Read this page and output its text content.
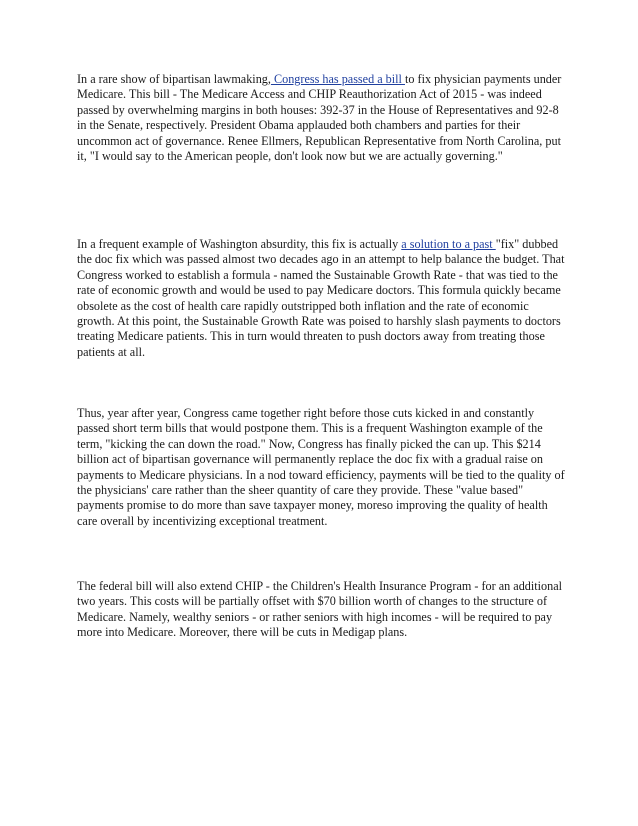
In a rare show of bipartisan lawmaking, Congress has passed a bill to fix physician payments under Medicare. This bill - The Medicare Access and CHIP Reauthorization Act of 2015 - was indeed passed by overwhelming margins in both houses: 392-37 in the House of Representatives and 92-8 in the Senate, respectively. President Obama applauded both chambers and parties for their uncommon act of governance. Renee Ellmers, Republican Representative from North Carolina, put it, "I would say to the American people, don't look now but we are actually governing."

In a frequent example of Washington absurdity, this fix is actually a solution to a past "fix" dubbed the doc fix which was passed almost two decades ago in an attempt to help balance the budget. That Congress worked to establish a formula - named the Sustainable Growth Rate - that was tied to the rate of economic growth and would be used to pay Medicare doctors. This formula quickly became obsolete as the cost of health care rapidly outstripped both inflation and the rate of economic growth. At this point, the Sustainable Growth Rate was poised to harshly slash payments to doctors treating Medicare patients. This in turn would threaten to push doctors away from treating those patients at all.

Thus, year after year, Congress came together right before those cuts kicked in and constantly passed short term bills that would postpone them. This is a frequent Washington example of the term, "kicking the can down the road." Now, Congress has finally picked the can up. This $214 billion act of bipartisan governance will permanently replace the doc fix with a gradual raise on payments to Medicare physicians. In a nod toward efficiency, payments will be tied to the quality of the physicians' care rather than the sheer quantity of care they provide. These "value based" payments promise to do more than save taxpayer money, moreso improving the quality of health care overall by incentivizing exceptional treatment.

The federal bill will also extend CHIP - the Children's Health Insurance Program - for an additional two years. This costs will be partially offset with $70 billion worth of changes to the structure of Medicare. Namely, wealthy seniors - or rather seniors with high incomes - will be required to pay more into Medicare. Moreover, there will be cuts in Medigap plans.
